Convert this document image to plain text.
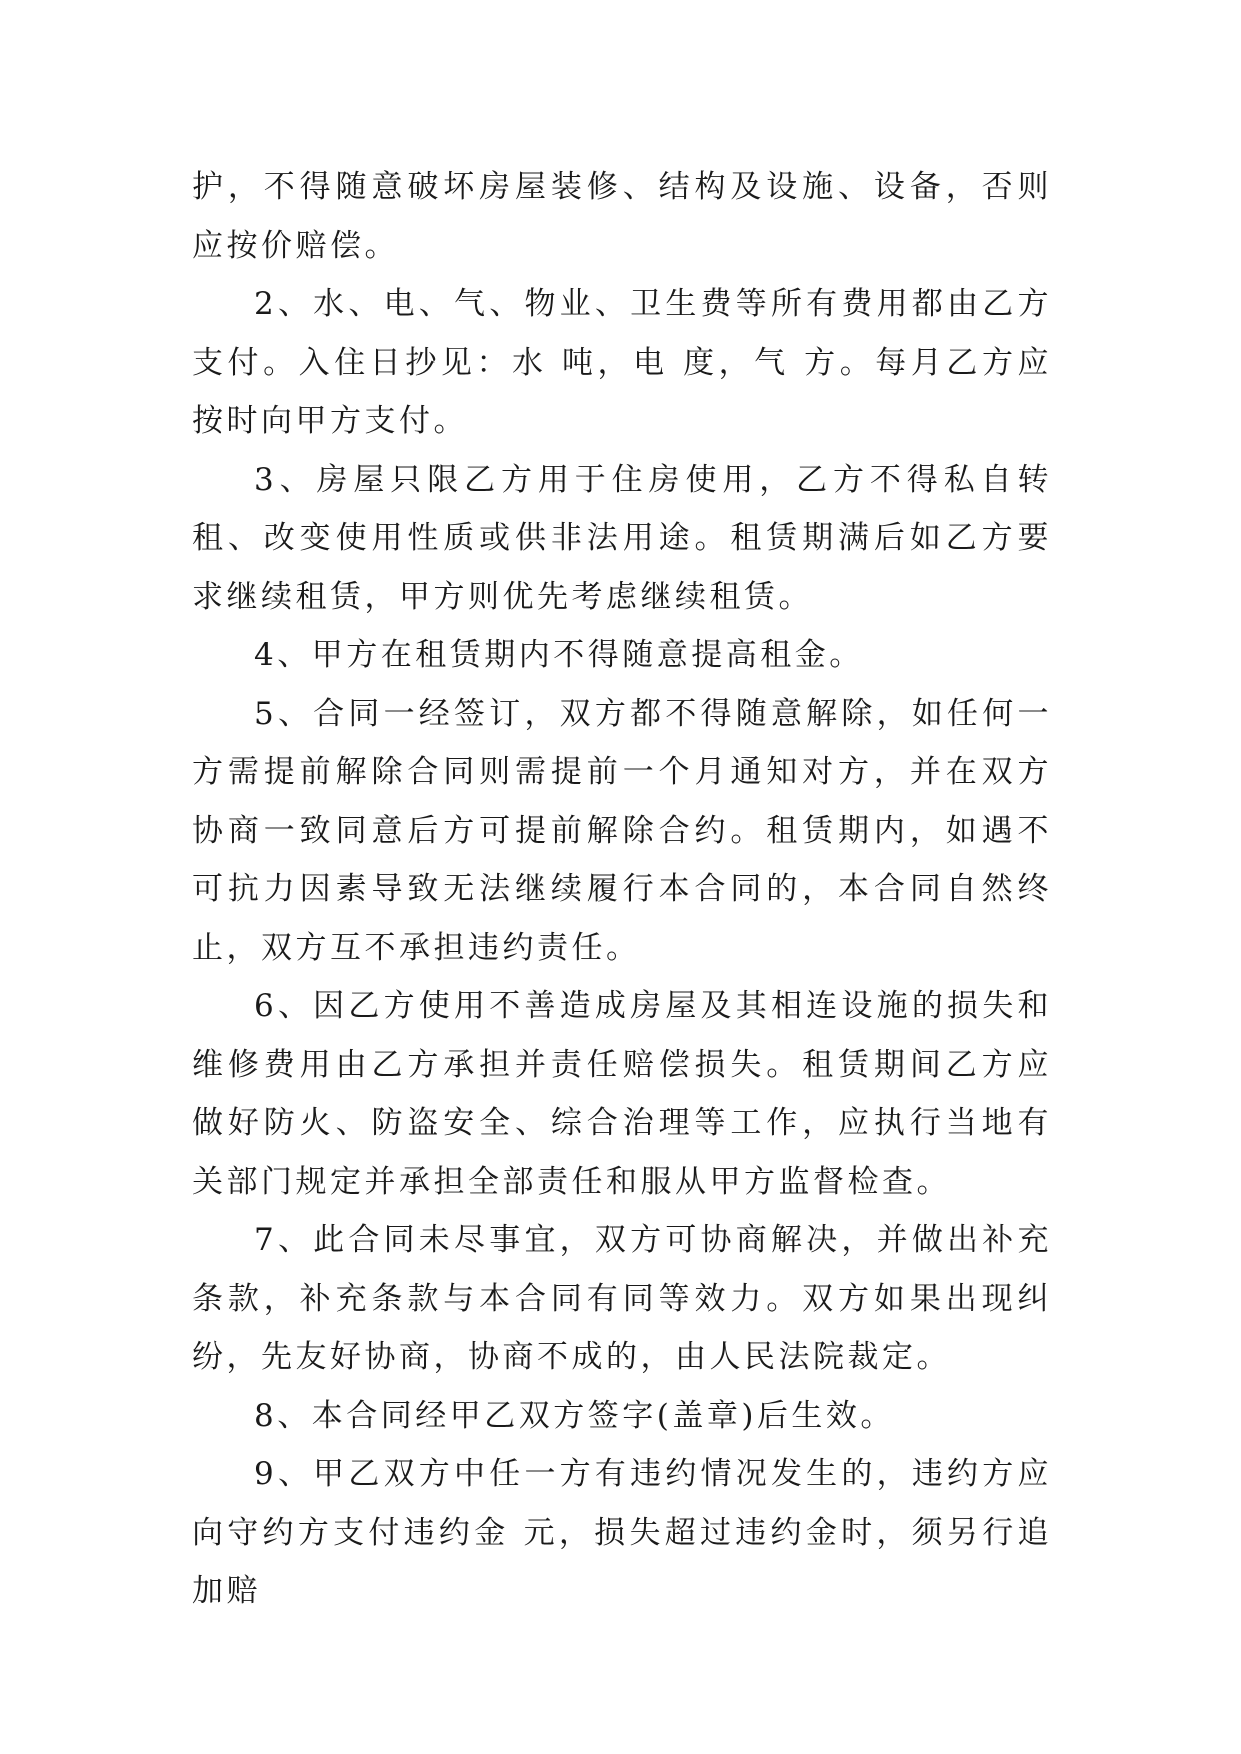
护，不得随意破坏房屋装修、结构及设施、设备，否则应按价赔偿。

2、水、电、气、物业、卫生费等所有费用都由乙方支付。入住日抄见：水 吨，电 度，气 方。每月乙方应按时向甲方支付。

3、房屋只限乙方用于住房使用，乙方不得私自转租、改变使用性质或供非法用途。租赁期满后如乙方要求继续租赁，甲方则优先考虑继续租赁。

4、甲方在租赁期内不得随意提高租金。

5、合同一经签订，双方都不得随意解除，如任何一方需提前解除合同则需提前一个月通知对方，并在双方协商一致同意后方可提前解除合约。租赁期内，如遇不可抗力因素导致无法继续履行本合同的，本合同自然终止，双方互不承担违约责任。

6、因乙方使用不善造成房屋及其相连设施的损失和维修费用由乙方承担并责任赔偿损失。租赁期间乙方应做好防火、防盗安全、综合治理等工作，应执行当地有关部门规定并承担全部责任和服从甲方监督检查。

7、此合同未尽事宜，双方可协商解决，并做出补充条款，补充条款与本合同有同等效力。双方如果出现纠纷，先友好协商，协商不成的，由人民法院裁定。

8、本合同经甲乙双方签字(盖章)后生效。

9、甲乙双方中任一方有违约情况发生的，违约方应向守约方支付违约金 元，损失超过违约金时，须另行追加赔
